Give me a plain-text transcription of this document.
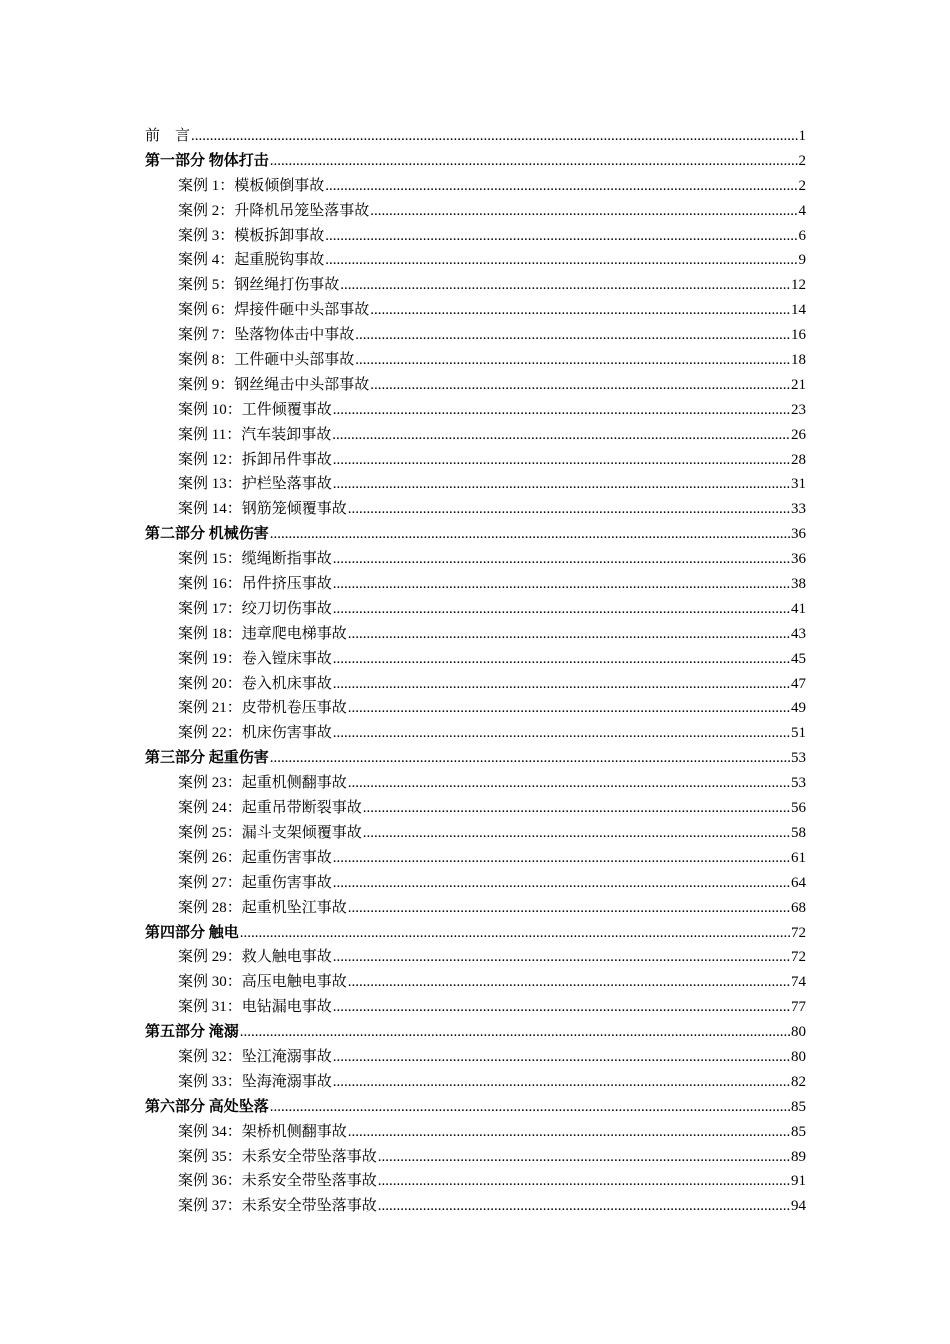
前　言 .....	1
第一部分 物体打击 .....	2
案例 1：模板倾倒事故 .....	2
案例 2：升降机吊笼坠落事故 .....	4
案例 3：模板拆卸事故 .....	6
案例 4：起重脱钩事故 .....	9
案例 5：钢丝绳打伤事故 .....	12
案例 6：焊接件砸中头部事故 .....	14
案例 7：坠落物体击中事故 .....	16
案例 8：工件砸中头部事故 .....	18
案例 9：钢丝绳击中头部事故 .....	21
案例 10：工件倾覆事故 .....	23
案例 11：汽车装卸事故 .....	26
案例 12：拆卸吊件事故 .....	28
案例 13：护栏坠落事故 .....	31
案例 14：钢筋笼倾覆事故 .....	33
第二部分 机械伤害 .....	36
案例 15：缆绳断指事故 .....	36
案例 16：吊件挤压事故 .....	38
案例 17：绞刀切伤事故 .....	41
案例 18：违章爬电梯事故 .....	43
案例 19：卷入镗床事故 .....	45
案例 20：卷入机床事故 .....	47
案例 21：皮带机卷压事故 .....	49
案例 22：机床伤害事故 .....	51
第三部分 起重伤害 .....	53
案例 23：起重机侧翻事故 .....	53
案例 24：起重吊带断裂事故 .....	56
案例 25：漏斗支架倾覆事故 .....	58
案例 26：起重伤害事故 .....	61
案例 27：起重伤害事故 .....	64
案例 28：起重机坠江事故 .....	68
第四部分 触电 .....	72
案例 29：救人触电事故 .....	72
案例 30：高压电触电事故 .....	74
案例 31：电钻漏电事故 .....	77
第五部分 淹溺 .....	80
案例 32：坠江淹溺事故 .....	80
案例 33：坠海淹溺事故 .....	82
第六部分 高处坠落 .....	85
案例 34：架桥机侧翻事故 .....	85
案例 35：未系安全带坠落事故 .....	89
案例 36：未系安全带坠落事故 .....	91
案例 37：未系安全带坠落事故 .....	94
